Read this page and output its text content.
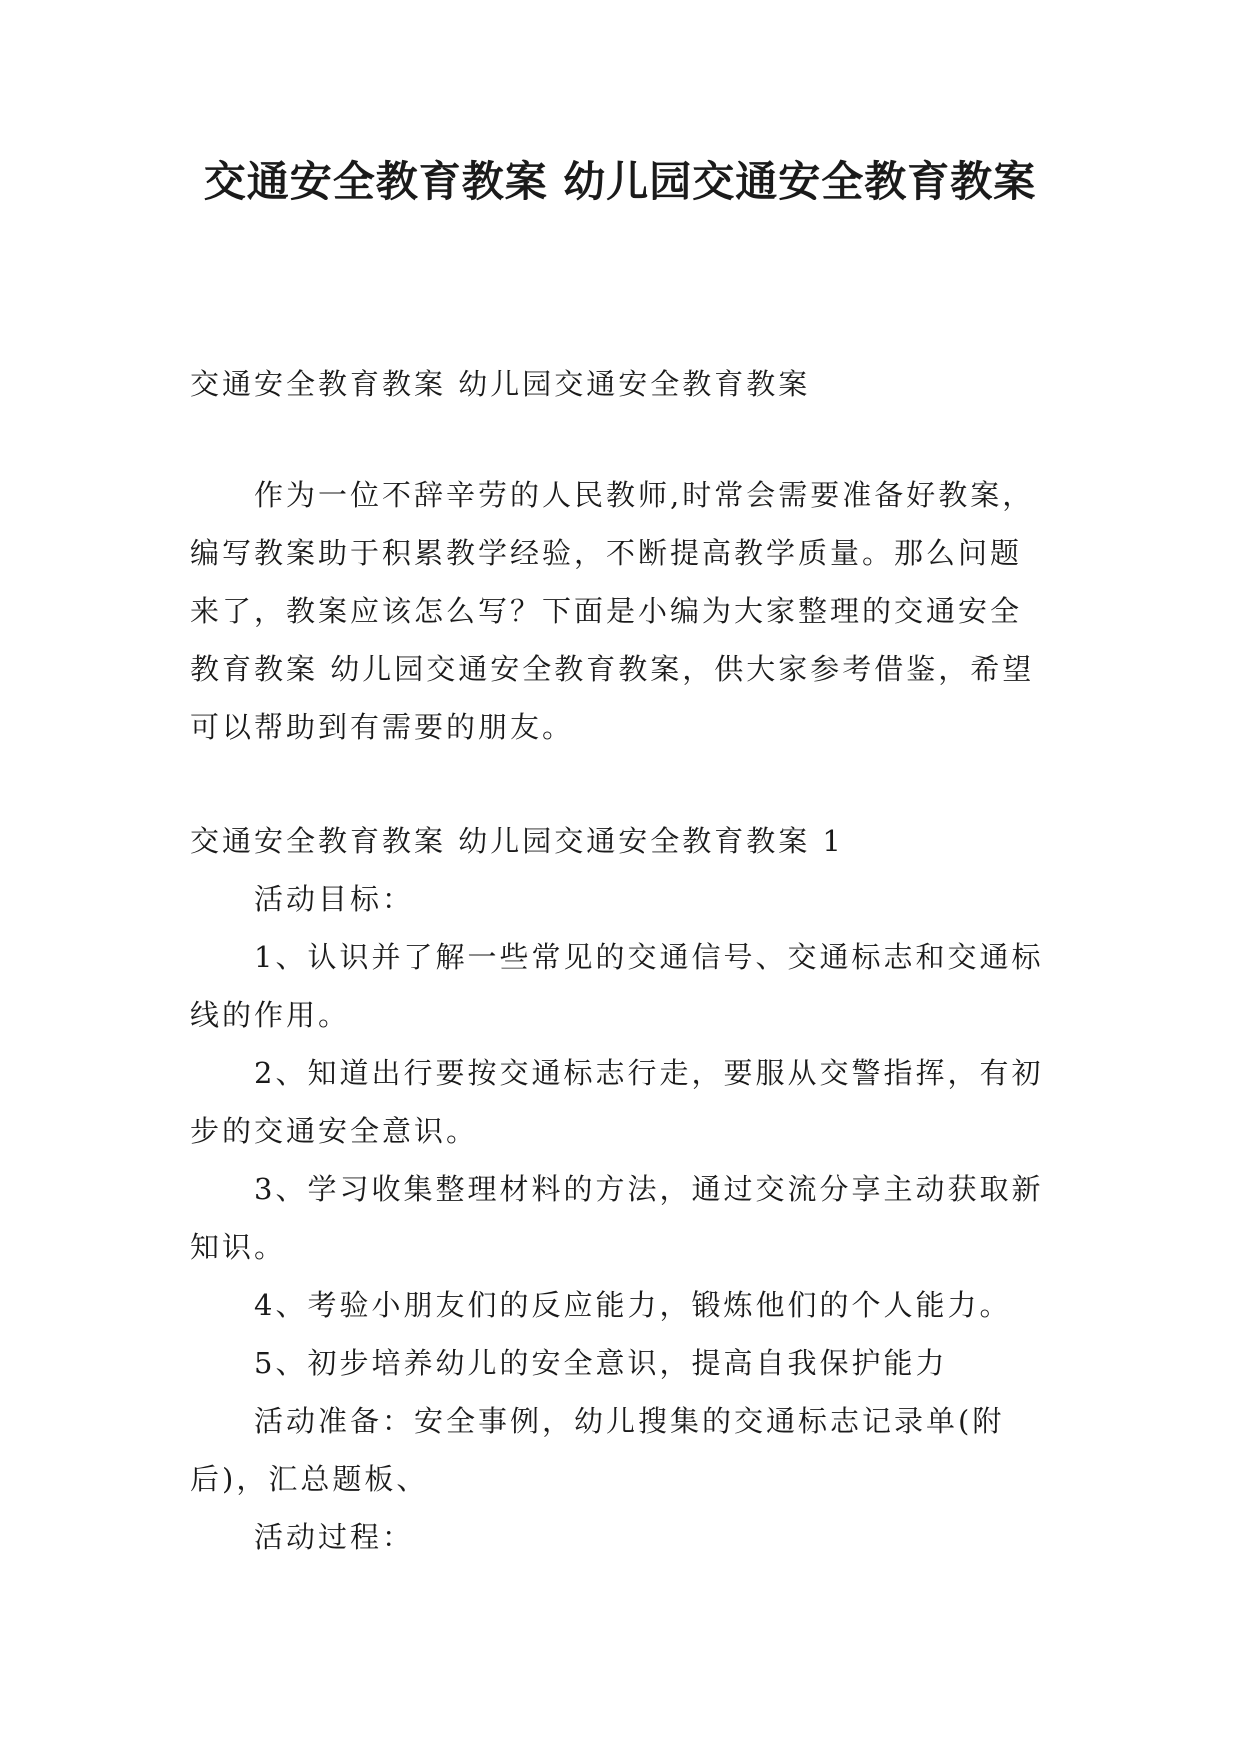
交通安全教育教案 幼儿园交通安全教育教案

交通安全教育教案 幼儿园交通安全教育教案

作为一位不辞辛劳的人民教师,时常会需要准备好教案，编写教案助于积累教学经验，不断提高教学质量。那么问题来了，教案应该怎么写？下面是小编为大家整理的交通安全教育教案 幼儿园交通安全教育教案，供大家参考借鉴，希望可以帮助到有需要的朋友。

交通安全教育教案 幼儿园交通安全教育教案 1

活动目标：

1、认识并了解一些常见的交通信号、交通标志和交通标线的作用。

2、知道出行要按交通标志行走，要服从交警指挥，有初步的交通安全意识。

3、学习收集整理材料的方法，通过交流分享主动获取新知识。

4、考验小朋友们的反应能力，锻炼他们的个人能力。

5、初步培养幼儿的安全意识，提高自我保护能力

活动准备：安全事例，幼儿搜集的交通标志记录单(附后)，汇总题板、

活动过程：
